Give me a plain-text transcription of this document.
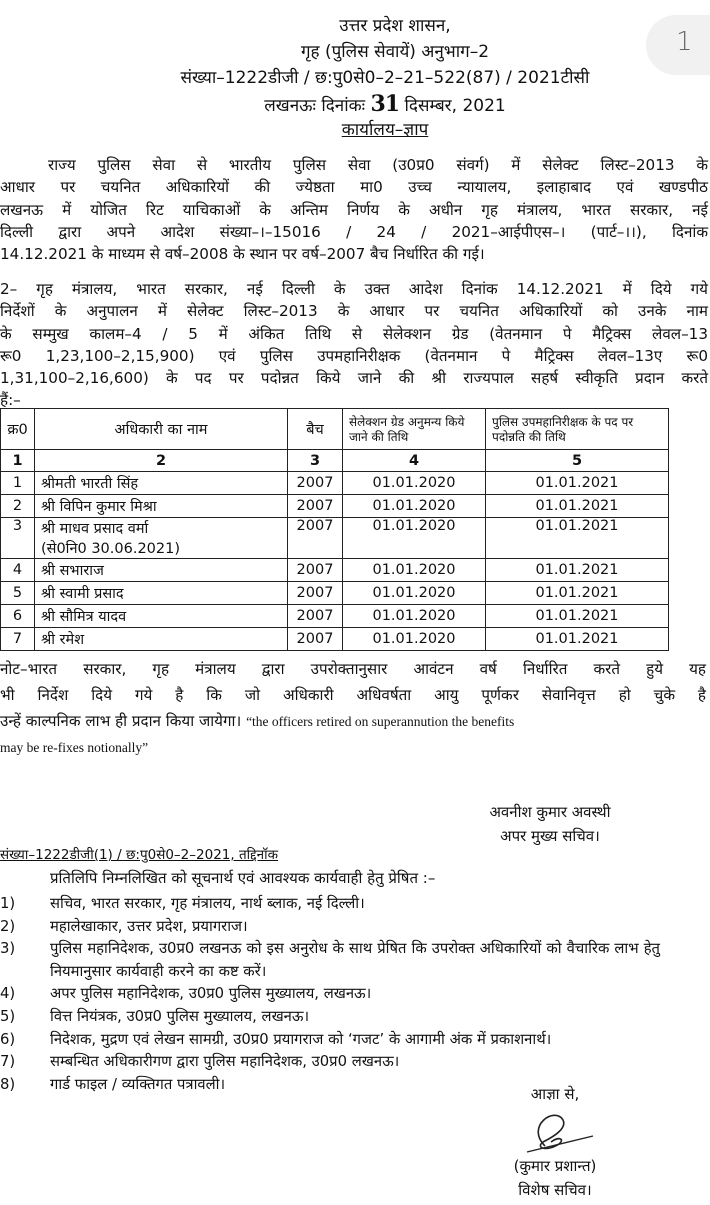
1
उत्तर प्रदेश शासन,
गृह (पुलिस सेवायें) अनुभाग–2
संख्या–1222डीजी / छ:पु0से0–2–21–522(87) / 2021टीसी
लखनऊः दिनांकः 31 दिसम्बर, 2021
कार्यालय–ज्ञाप
राज्य पुलिस सेवा से भारतीय पुलिस सेवा (उ0प्र0 संवर्ग) में सेलेक्ट लिस्ट–2013 के
आधार पर चयनित अधिकारियों की ज्येष्ठता मा0 उच्च न्यायालय, इलाहाबाद एवं खण्डपीठ
लखनऊ में योजित रिट याचिकाओं के अन्तिम निर्णय के अधीन गृह मंत्रालय, भारत सरकार, नई
दिल्ली द्वारा अपने आदेश संख्या–।–15016 / 24 / 2021–आईपीएस–। (पार्ट–।।), दिनांक
14.12.2021 के माध्यम से वर्ष–2008 के स्थान पर वर्ष–2007 बैच निर्धारित की गई।
2– गृह मंत्रालय, भारत सरकार, नई दिल्ली के उक्त आदेश दिनांक 14.12.2021 में दिये गये
निर्देशों के अनुपालन में सेलेक्ट लिस्ट–2013 के आधार पर चयनित अधिकारियों को उनके नाम
के सम्मुख कालम–4 / 5 में अंकित तिथि से सेलेक्शन ग्रेड (वेतनमान पे मैट्रिक्स लेवल–13
रू0 1,23,100–2,15,900) एवं पुलिस उपमहानिरीक्षक (वेतनमान पे मैट्रिक्स लेवल–13ए रू0
1,31,100–2,16,600) के पद पर पदोन्नत किये जाने की श्री राज्यपाल सहर्ष स्वीकृति प्रदान करते
हैं:–
क्र0	अधिकारी का नाम	बैच	सेलेक्शन ग्रेड अनुमन्य किये जाने की तिथि	पुलिस उपमहानिरीक्षक के पद पर पदोन्नति की तिथि
1	2	3	4	5
1	श्रीमती भारती सिंह	2007	01.01.2020	01.01.2021
2	श्री विपिन कुमार मिश्रा	2007	01.01.2020	01.01.2021
3	श्री माधव प्रसाद वर्मा
(से0नि0 30.06.2021)	2007	01.01.2020	01.01.2021
4	श्री सभाराज	2007	01.01.2020	01.01.2021
5	श्री स्वामी प्रसाद	2007	01.01.2020	01.01.2021
6	श्री सौमित्र यादव	2007	01.01.2020	01.01.2021
7	श्री रमेश	2007	01.01.2020	01.01.2021
नोट–भारत सरकार, गृह मंत्रालय द्वारा उपरोक्तानुसार आवंटन वर्ष निर्धारित करते हुये यह
भी निर्देश दिये गये है कि जो अधिकारी अधिवर्षता आयु पूर्णकर सेवानिवृत्त हो चुके है
उन्हें काल्पनिक लाभ ही प्रदान किया जायेगा। “the officers retired on superannution the benefits
may be re-fixes notionally”
अवनीश कुमार अवस्थी
अपर मुख्य सचिव।
संख्या–1222डीजी(1) / छ:पु0से0–2–2021, तद्दिनॉक
प्रतिलिपि निम्नलिखित को सूचनार्थ एवं आवश्यक कार्यवाही हेतु प्रेषित :–
1)	सचिव, भारत सरकार, गृह मंत्रालय, नार्थ ब्लाक, नई दिल्ली।
2)	महालेखाकार, उत्तर प्रदेश, प्रयागराज।
3)	पुलिस महानिदेशक, उ0प्र0 लखनऊ को इस अनुरोध के साथ प्रेषित कि उपरोक्त अधिकारियों को वैचारिक लाभ हेतु नियमानुसार कार्यवाही करने का कष्ट करें।
4)	अपर पुलिस महानिदेशक, उ0प्र0 पुलिस मुख्यालय, लखनऊ।
5)	वित्त नियंत्रक, उ0प्र0 पुलिस मुख्यालय, लखनऊ।
6)	निदेशक, मुद्रण एवं लेखन सामग्री, उ0प्र0 प्रयागराज को ‘गजट’ के आगामी अंक में प्रकाशनार्थ।
7)	सम्बन्धित अधिकारीगण द्वारा पुलिस महानिदेशक, उ0प्र0 लखनऊ।
8)	गार्ड फाइल / व्यक्तिगत पत्रावली।
आज्ञा से,
(कुमार प्रशान्त)
विशेष सचिव।
